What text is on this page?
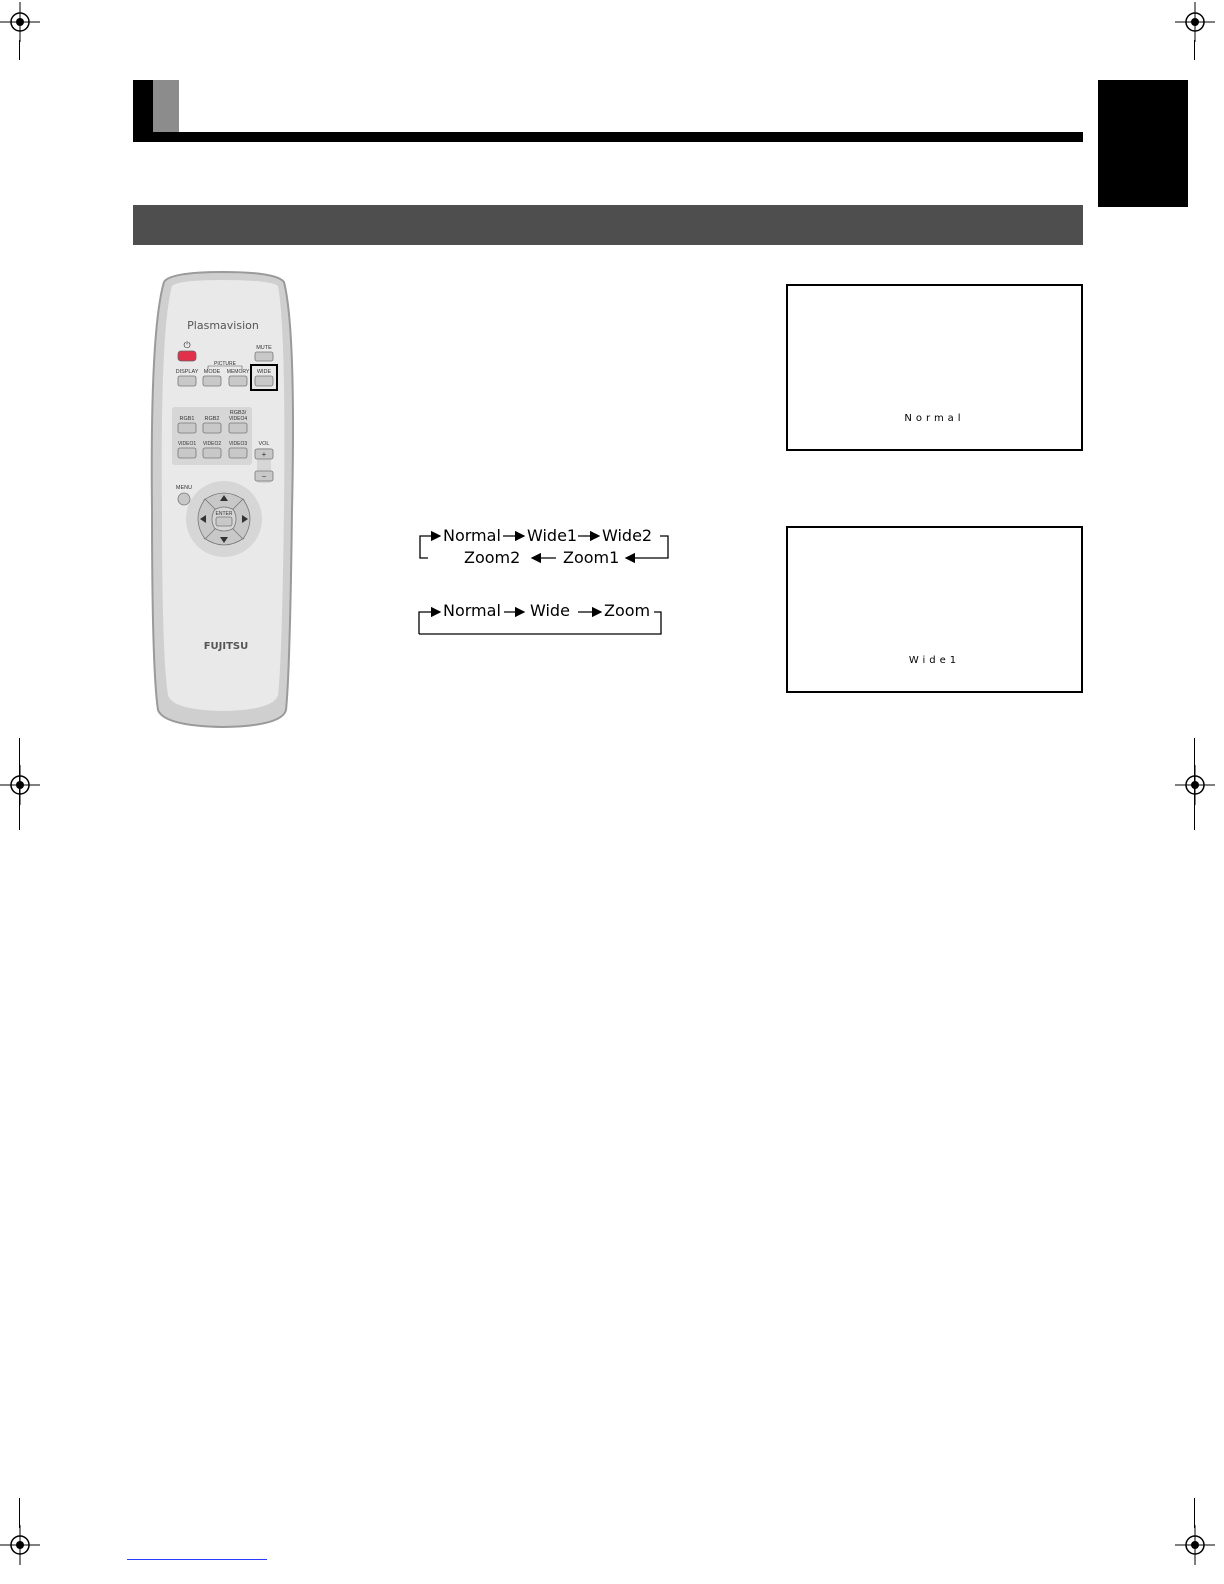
Plasmavision
⏻	MUTE
PICTURE
DISPLAY MODE MEMORY WIDE
RGB1 RGB2
RGB3/
VIDEO4
VIDEO1 VIDEO2 VIDEO3 VOL
+
−
MENU
ENTER
FUJITSU
Normal Wide1 Wide2
Zoom2	Zoom1
Normal Wide Zoom
Normal
Wide1
